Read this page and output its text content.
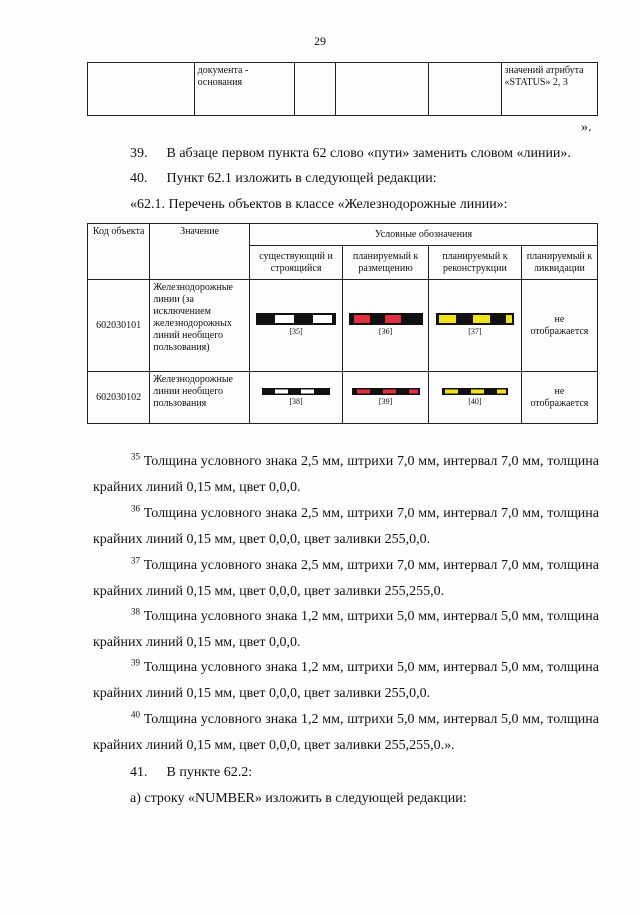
29
	документа - основания				значений атрибута «STATUS» 2, 3
».
39. В абзаце первом пункта 62 слово «пути» заменить словом «линии».
40. Пункт 62.1 изложить в следующей редакции:
«62.1. Перечень объектов в классе «Железнодорожные линии»:
Код объекта	Значение	Условные обозначения			
		существующий и строящийся	планируемый к размещению	планируемый к реконструкции	планируемый к ликвидации
602030101	Железнодорожные линии (за исключением железнодорожных линий необщего пользования)	[35]	[36]	[37]	не отображается
602030102	Железнодорожные линии необщего пользования	[38]	[39]	[40]	не отображается
$^{35}$ Толщина условного знака 2,5 мм, штрихи 7,0 мм, интервал 7,0 мм, толщина крайних линий 0,15 мм, цвет 0,0,0.
$^{36}$ Толщина условного знака 2,5 мм, штрихи 7,0 мм, интервал 7,0 мм, толщина крайних линий 0,15 мм, цвет 0,0,0, цвет заливки 255,0,0.
$^{37}$ Толщина условного знака 2,5 мм, штрихи 7,0 мм, интервал 7,0 мм, толщина крайних линий 0,15 мм, цвет 0,0,0, цвет заливки 255,255,0.
$^{38}$ Толщина условного знака 1,2 мм, штрихи 5,0 мм, интервал 5,0 мм, толщина крайних линий 0,15 мм, цвет 0,0,0.
$^{39}$ Толщина условного знака 1,2 мм, штрихи 5,0 мм, интервал 5,0 мм, толщина крайних линий 0,15 мм, цвет 0,0,0, цвет заливки 255,0,0.
$^{40}$ Толщина условного знака 1,2 мм, штрихи 5,0 мм, интервал 5,0 мм, толщина крайних линий 0,15 мм, цвет 0,0,0, цвет заливки 255,255,0.».
41. В пункте 62.2:
а) строку «NUMBER» изложить в следующей редакции:
